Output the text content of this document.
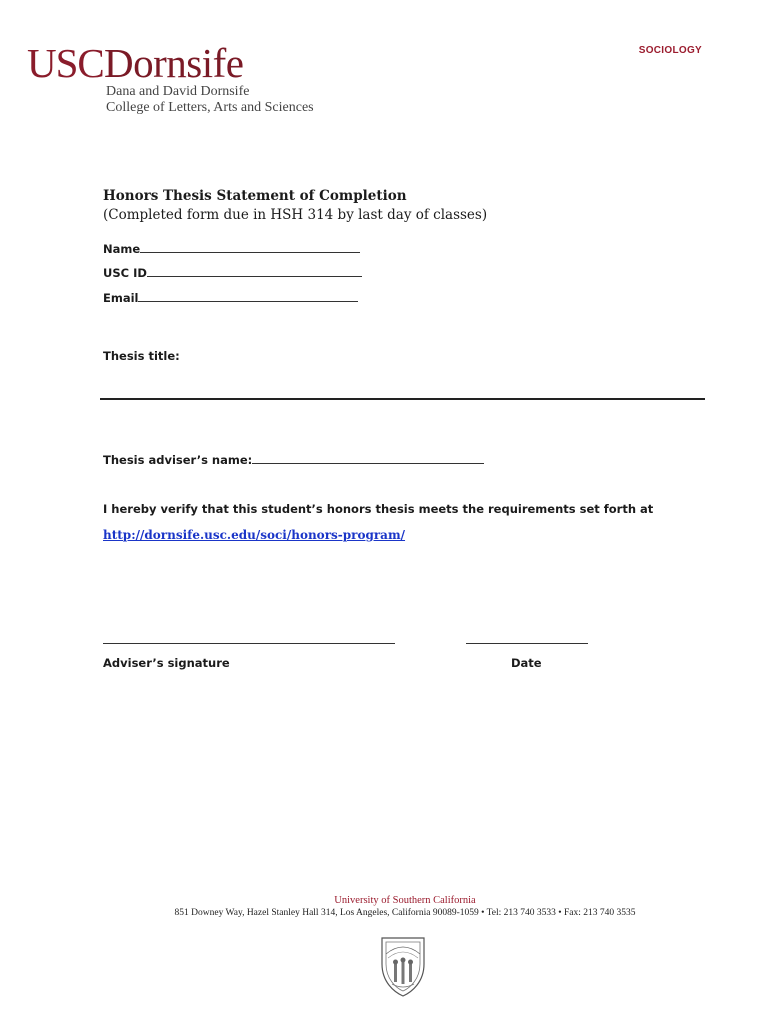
USC Dornsife
Dana and David Dornsife
College of Letters, Arts and Sciences
SOCIOLOGY
Honors Thesis Statement of Completion
(Completed form due in HSH 314 by last day of classes)
Name
USC ID
Email
Thesis title:
Thesis adviser’s name:
I hereby verify that this student’s honors thesis meets the requirements set forth at
http://dornsife.usc.edu/soci/honors-program/
Adviser’s signature	Date
University of Southern California
851 Downey Way, Hazel Stanley Hall 314, Los Angeles, California 90089-1059 • Tel: 213 740 3533 • Fax: 213 740 3535
